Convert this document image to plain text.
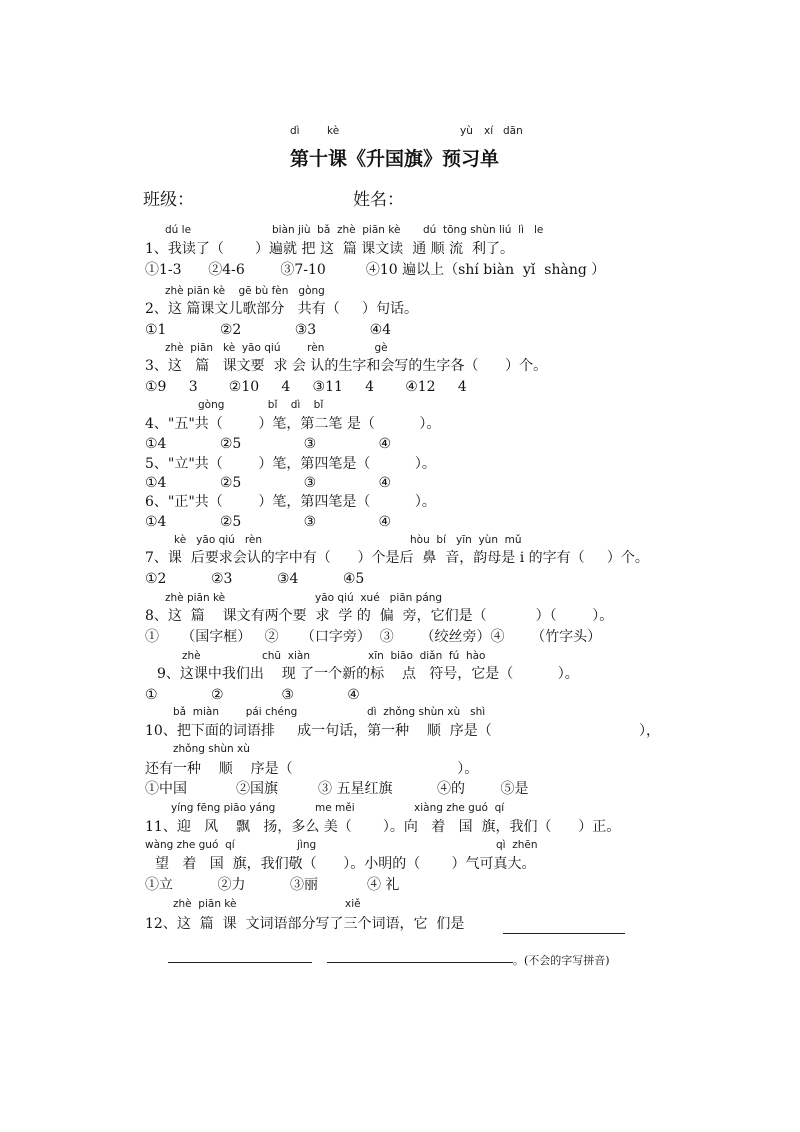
dì	kè	yù xí dān
第十课《升国旗》预习单
班级：	姓名：
dú le	biàn jiù  bǎ  zhè  piān kè dú  tōng shùn liú  lì   le
1、我读了（       ）遍就 把 这  篇 课文读  通 顺 流  利了。
①1-3      ②4-6        ③7-10         ④10 遍以上（shí biàn  yǐ  shàng ）
zhè piān kè    gē bù fèn   gòng
2、这 篇课文儿歌部分   共有（     ）句话。
①1            ②2            ③3            ④4
zhè  piān   kè  yāo qiú        rèn               gè
3、这   篇   课文要  求 会 认的生字和会写的生字各（      ）个。
①9     3       ②10     4     ③11     4       ④12     4
gòng             bǐ    dì    bǐ
4、"五"共（        ）笔，第二笔 是（          ）。
①4            ②5              ③              ④
5、"立"共（        ）笔，第四笔是（          ）。
①4            ②5              ③              ④
6、"正"共（        ）笔，第四笔是（          ）。
①4            ②5              ③              ④
kè   yāo qiú   rèn	hòu  bí   yīn  yùn  mǔ
7、课  后要求会认的字中有（      ）个是后  鼻  音，韵母是 i 的字有（     ）个。
①2          ②3          ③4          ④5
zhè piān kè	yāo qiú  xué   piān páng
8、这  篇    课文有两个要  求  学 的  偏  旁，它们是（           ）（        ）。
①     （国字框）   ②     （口字旁）  ③      （绞丝旁）④      （竹字头）
zhè	chū  xiàn	xīn  biāo  diǎn  fú  hào
9、这课中我们出    现 了一个新的标    点   符号，它是（          ）。
①            ②             ③            ④
bǎ  miàn        pái chéng	dì  zhǒng shùn xù   shì
10、把下面的词语排     成一句话，第一种    顺  序是（	），
zhǒng shùn xù
还有一种    顺    序是（                                     ）。
①中国           ②国旗         ③ 五星红旗          ④的        ⑤是
yíng fēng piāo yáng	me měi	xiàng zhe guó  qí
11、迎   风    飘   扬，多么 美（       ）。向   着   国  旗，我们（      ）正。
wàng zhe guó  qí	jìng	qì  zhēn
望   着   国  旗，我们敬（      ）。小明的（       ）气可真大。
①立          ②力          ③丽           ④ 礼
zhè  piān kè	xiě
12、这  篇  课  文词语部分写了三个词语，它  们是
。(不会的字写拼音)
